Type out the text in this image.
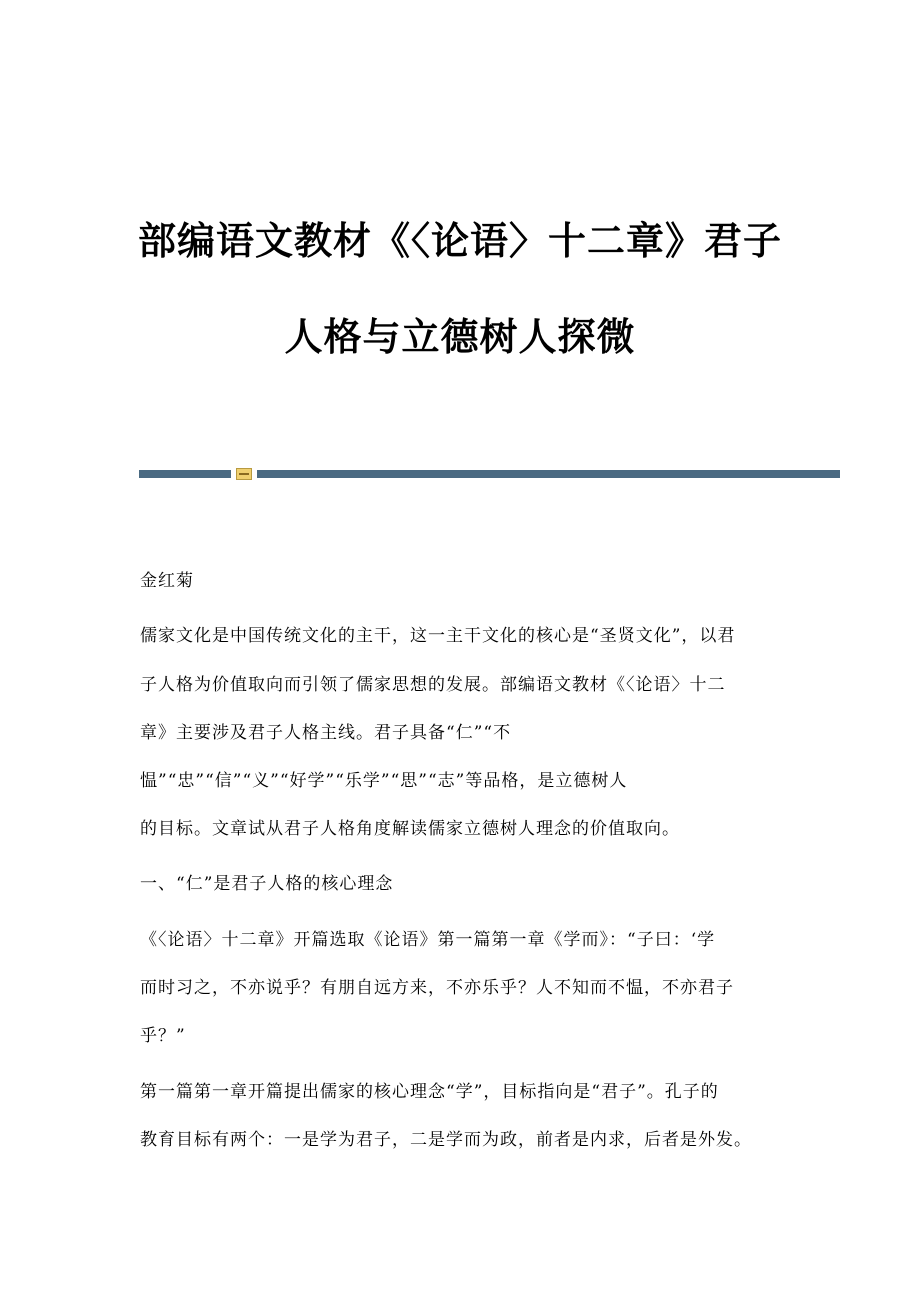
部编语文教材《〈论语〉十二章》君子
人格与立德树人探微

金红菊

儒家文化是中国传统文化的主干，这一主干文化的核心是“圣贤文化”，以君

子人格为价值取向而引领了儒家思想的发展。部编语文教材《〈论语〉十二

章》主要涉及君子人格主线。君子具备“仁”“不

愠”“忠”“信”“义”“好学”“乐学”“思”“志”等品格，是立德树人

的目标。文章试从君子人格角度解读儒家立德树人理念的价值取向。

一、“仁”是君子人格的核心理念

《〈论语〉十二章》开篇选取《论语》第一篇第一章《学而》：“子曰：‘学

而时习之，不亦说乎？有朋自远方来，不亦乐乎？人不知而不愠，不亦君子

乎？”

第一篇第一章开篇提出儒家的核心理念“学”，目标指向是“君子”。孔子的

教育目标有两个：一是学为君子，二是学而为政，前者是内求，后者是外发。
